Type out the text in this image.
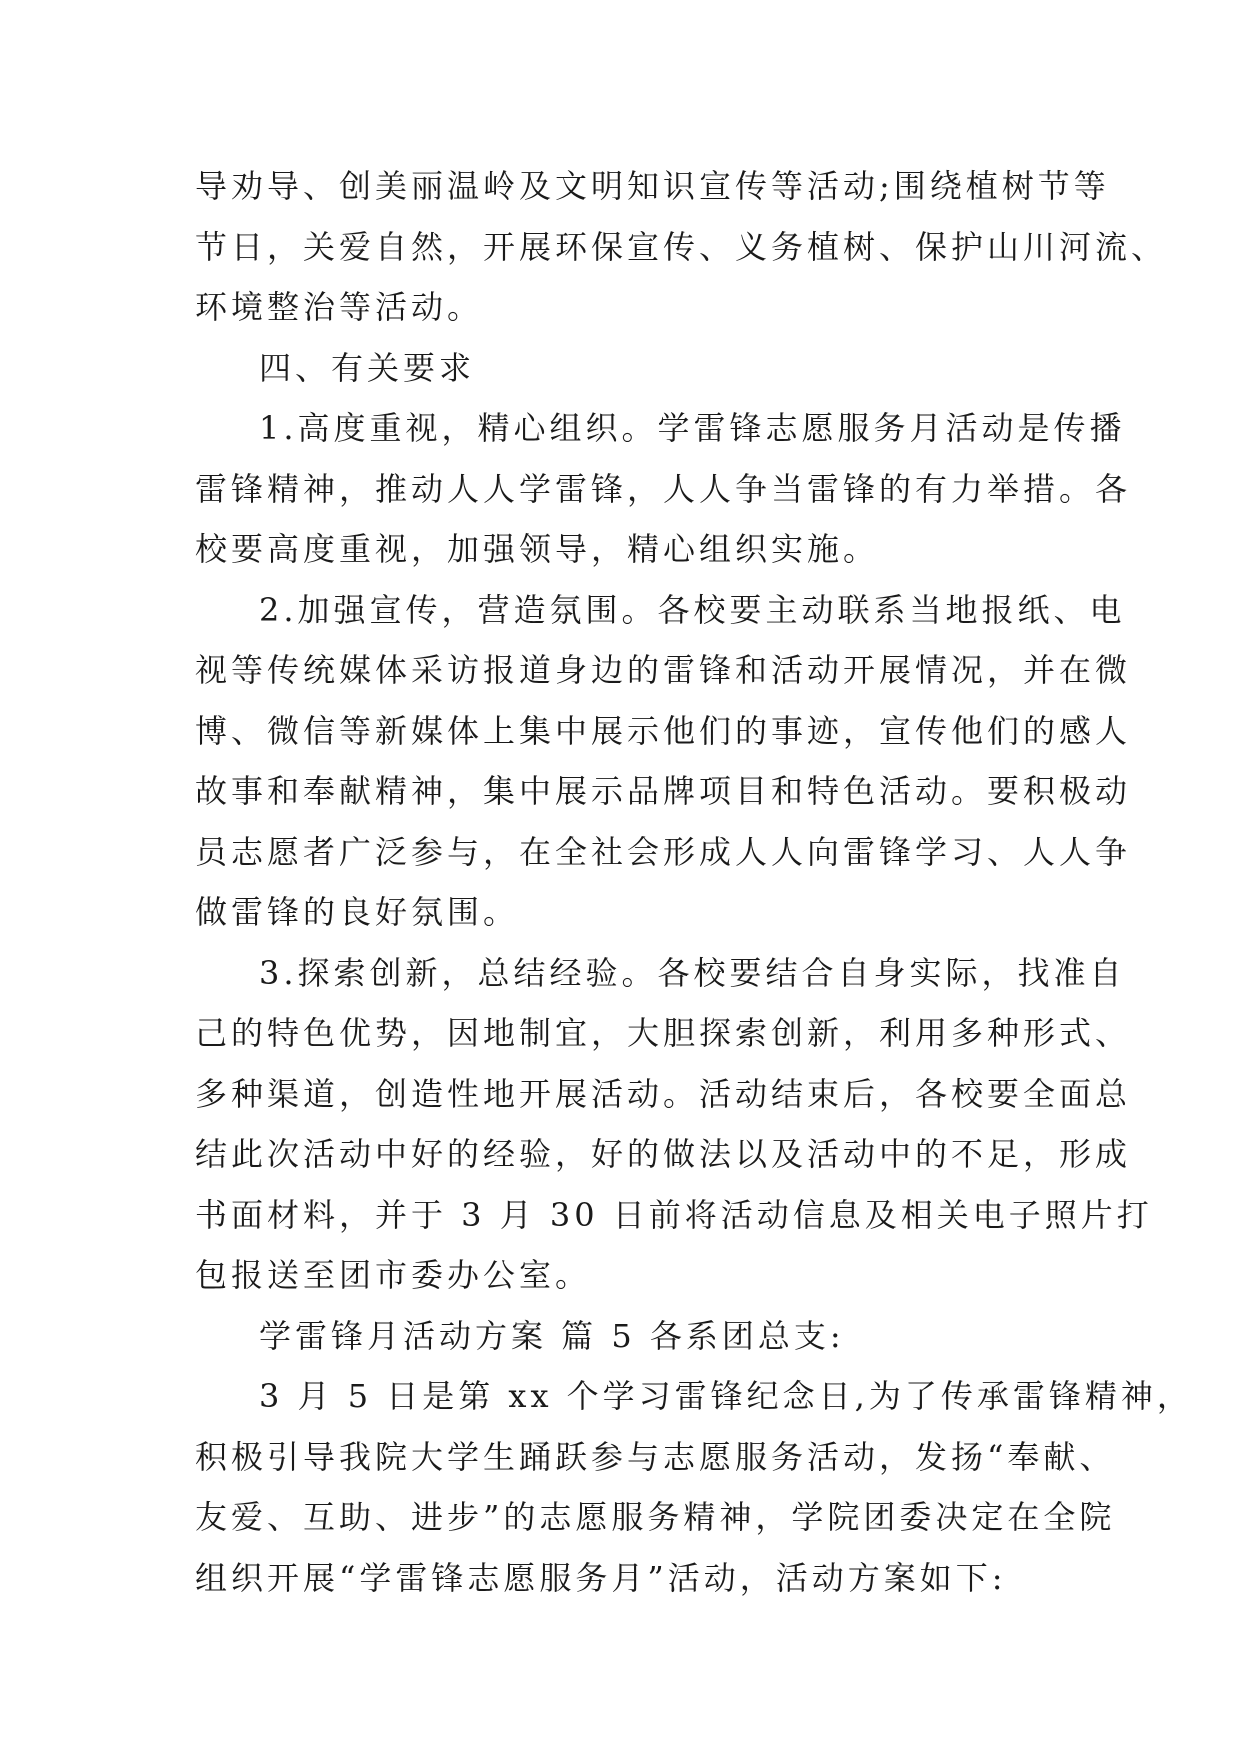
导劝导、创美丽温岭及文明知识宣传等活动;围绕植树节等
节日，关爱自然，开展环保宣传、义务植树、保护山川河流、
环境整治等活动。
四、有关要求
1.高度重视，精心组织。学雷锋志愿服务月活动是传播
雷锋精神，推动人人学雷锋，人人争当雷锋的有力举措。各
校要高度重视，加强领导，精心组织实施。
2.加强宣传，营造氛围。各校要主动联系当地报纸、电
视等传统媒体采访报道身边的雷锋和活动开展情况，并在微
博、微信等新媒体上集中展示他们的事迹，宣传他们的感人
故事和奉献精神，集中展示品牌项目和特色活动。要积极动
员志愿者广泛参与，在全社会形成人人向雷锋学习、人人争
做雷锋的良好氛围。
3.探索创新，总结经验。各校要结合自身实际，找准自
己的特色优势，因地制宜，大胆探索创新，利用多种形式、
多种渠道，创造性地开展活动。活动结束后，各校要全面总
结此次活动中好的经验，好的做法以及活动中的不足，形成
书面材料，并于 3 月 30 日前将活动信息及相关电子照片打
包报送至团市委办公室。
学雷锋月活动方案 篇 5 各系团总支:
3 月 5 日是第 xx 个学习雷锋纪念日,为了传承雷锋精神，
积极引导我院大学生踊跃参与志愿服务活动，发扬“奉献、
友爱、互助、进步”的志愿服务精神，学院团委决定在全院
组织开展“学雷锋志愿服务月”活动，活动方案如下:
